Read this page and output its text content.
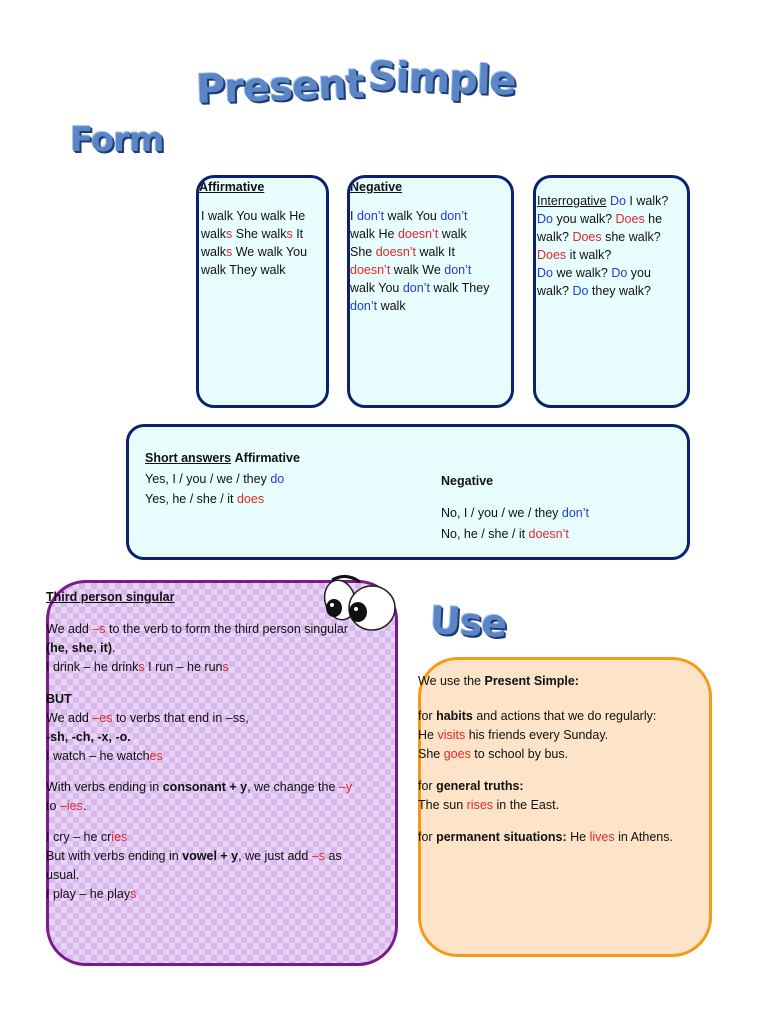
Present Simple
Form
Use
Affirmative
I walk You walk He
walks She walks It
walks We walk You
walk They walk
Negative
I don’t walk You don’t
walk He doesn’t walk
She doesn’t walk It
doesn’t walk We don’t
walk You don’t walk They
don’t walk
Interrogative Do I walk?
Do you walk? Does he
walk? Does she walk?
Does it walk?
Do we walk? Do you
walk? Do they walk?
Short answers Affirmative
Yes, I / you / we / they do
Yes, he / she / it does
Negative
No, I / you / we / they don’t
No, he / she / it doesn’t
Third person singular
We add –s to the verb to form the third person singular
(he, she, it).
I drink – he drinks I run – he runs
BUT
We add –es to verbs that end in –ss,
-sh, -ch, -x, -o.
I watch – he watches
With verbs ending in consonant + y, we change the –y
to –ies.
I cry – he cries
But with verbs ending in vowel + y, we just add –s as
usual.
I play – he plays
We use the Present Simple:
for habits and actions that we do regularly:
He visits his friends every Sunday.
She goes to school by bus.
for general truths:
The sun rises in the East.
for permanent situations: He lives in Athens.
